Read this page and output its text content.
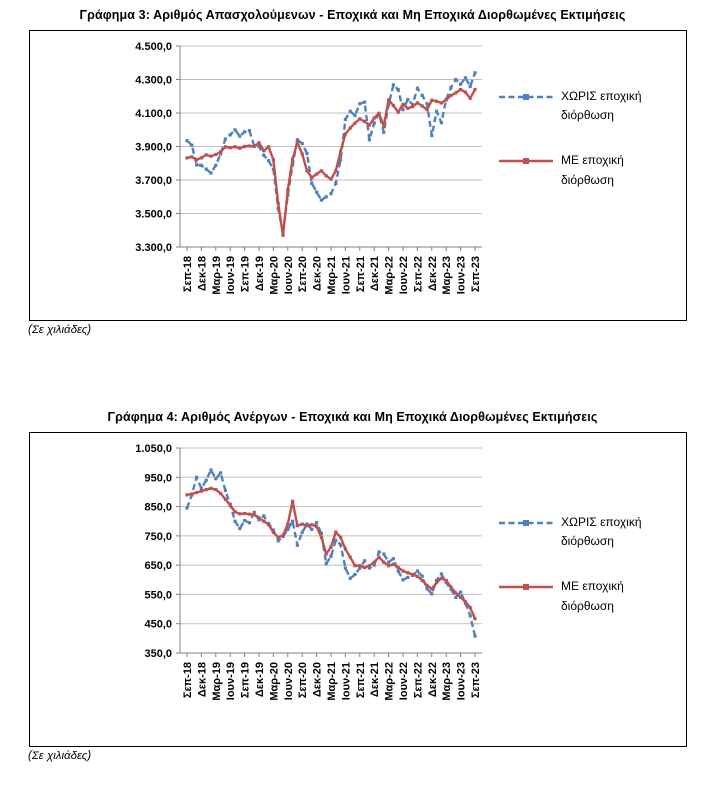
Γράφημα 3: Αριθμός Απασχολούμενων - Εποχικά και Μη Εποχικά Διορθωμένες Εκτιμήσεις
3.300,0
3.500,0
3.700,0
3.900,0
4.100,0
4.300,0
4.500,0
Σεπ-18 Δεκ-18 Μαρ-19 Ιουν-19 Σεπ-19 Δεκ-19 Μαρ-20 Ιουν-20 Σεπ-20 Δεκ-20 Μαρ-21 Ιουν-21 Σεπ-21 Δεκ-21 Μαρ-22 Ιουν-22 Σεπ-22 Δεκ-22 Μαρ-23 Ιουν-23 Σεπ-23
ΧΩΡΙΣ εποχική διόρθωση
ΜΕ εποχική διόρθωση
(Σε χιλιάδες)
Γράφημα 4: Αριθμός Ανέργων - Εποχικά και Μη Εποχικά Διορθωμένες Εκτιμήσεις
350,0
450,0
550,0
650,0
750,0
850,0
950,0
1.050,0
Σεπ-18 Δεκ-18 Μαρ-19 Ιουν-19 Σεπ-19 Δεκ-19 Μαρ-20 Ιουν-20 Σεπ-20 Δεκ-20 Μαρ-21 Ιουν-21 Σεπ-21 Δεκ-21 Μαρ-22 Ιουν-22 Σεπ-22 Δεκ-22 Μαρ-23 Ιουν-23 Σεπ-23
ΧΩΡΙΣ εποχική διόρθωση
ΜΕ εποχική διόρθωση
(Σε χιλιάδες)
